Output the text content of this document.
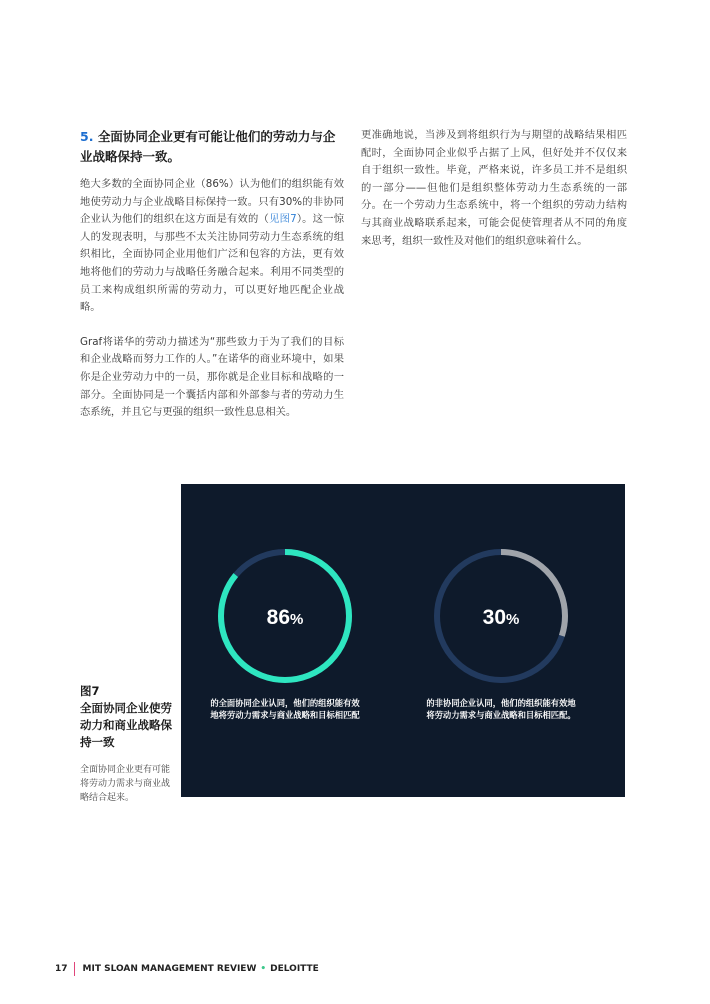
5. 全面协同企业更有可能让他们的劳动力与企业战略保持一致。

绝大多数的全面协同企业（86%）认为他们的组织能有效地使劳动力与企业战略目标保持一致。只有30%的非协同企业认为他们的组织在这方面是有效的（见图7）。这一惊人的发现表明，与那些不太关注协同劳动力生态系统的组织相比，全面协同企业用他们广泛和包容的方法，更有效地将他们的劳动力与战略任务融合起来。利用不同类型的员工来构成组织所需的劳动力，可以更好地匹配企业战略。

Graf将诺华的劳动力描述为“那些致力于为了我们的目标和企业战略而努力工作的人。”在诺华的商业环境中，如果你是企业劳动力中的一员，那你就是企业目标和战略的一部分。全面协同是一个囊括内部和外部参与者的劳动力生态系统，并且它与更强的组织一致性息息相关。

更准确地说，当涉及到将组织行为与期望的战略结果相匹配时，全面协同企业似乎占据了上风，但好处并不仅仅来自于组织一致性。毕竟，严格来说，许多员工并不是组织的一部分——但他们是组织整体劳动力生态系统的一部分。在一个劳动力生态系统中，将一个组织的劳动力结构与其商业战略联系起来，可能会促使管理者从不同的角度来思考，组织一致性及对他们的组织意味着什么。

图7
全面协同企业使劳动力和商业战略保持一致
全面协同企业更有可能将劳动力需求与商业战略结合起来。
86%	30%
的全面协同企业认同，他们的组织能有效地将劳动力需求与商业战略和目标相匹配
的非协同企业认同，他们的组织能有效地将劳动力需求与商业战略和目标相匹配。
17 MIT SLOAN MANAGEMENT REVIEW • DELOITTE
